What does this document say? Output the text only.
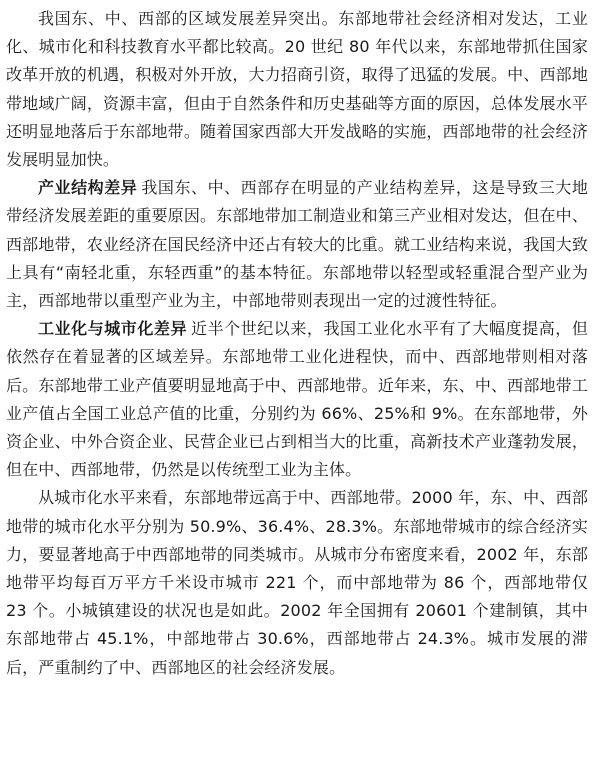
我国东、中、西部的区域发展差异突出。东部地带社会经济相对发达，工业化、城市化和科技教育水平都比较高。20 世纪 80 年代以来，东部地带抓住国家改革开放的机遇，积极对外开放，大力招商引资，取得了迅猛的发展。中、西部地带地域广阔，资源丰富，但由于自然条件和历史基础等方面的原因，总体发展水平还明显地落后于东部地带。随着国家西部大开发战略的实施，西部地带的社会经济发展明显加快。

产业结构差异 我国东、中、西部存在明显的产业结构差异，这是导致三大地带经济发展差距的重要原因。东部地带加工制造业和第三产业相对发达，但在中、西部地带，农业经济在国民经济中还占有较大的比重。就工业结构来说，我国大致上具有“南轻北重，东轻西重”的基本特征。东部地带以轻型或轻重混合型产业为主，西部地带以重型产业为主，中部地带则表现出一定的过渡性特征。

工业化与城市化差异 近半个世纪以来，我国工业化水平有了大幅度提高，但依然存在着显著的区域差异。东部地带工业化进程快，而中、西部地带则相对落后。东部地带工业产值要明显地高于中、西部地带。近年来，东、中、西部地带工业产值占全国工业总产值的比重，分别约为 66%、25%和 9%。在东部地带，外资企业、中外合资企业、民营企业已占到相当大的比重，高新技术产业蓬勃发展，但在中、西部地带，仍然是以传统型工业为主体。

从城市化水平来看，东部地带远高于中、西部地带。2000 年，东、中、西部地带的城市化水平分别为 50.9%、36.4%、28.3%。东部地带城市的综合经济实力，要显著地高于中西部地带的同类城市。从城市分布密度来看，2002 年，东部地带平均每百万平方千米设市城市 221 个，而中部地带为 86 个，西部地带仅 23 个。小城镇建设的状况也是如此。2002 年全国拥有 20601 个建制镇，其中东部地带占 45.1%，中部地带占 30.6%，西部地带占 24.3%。城市发展的滞后，严重制约了中、西部地区的社会经济发展。
